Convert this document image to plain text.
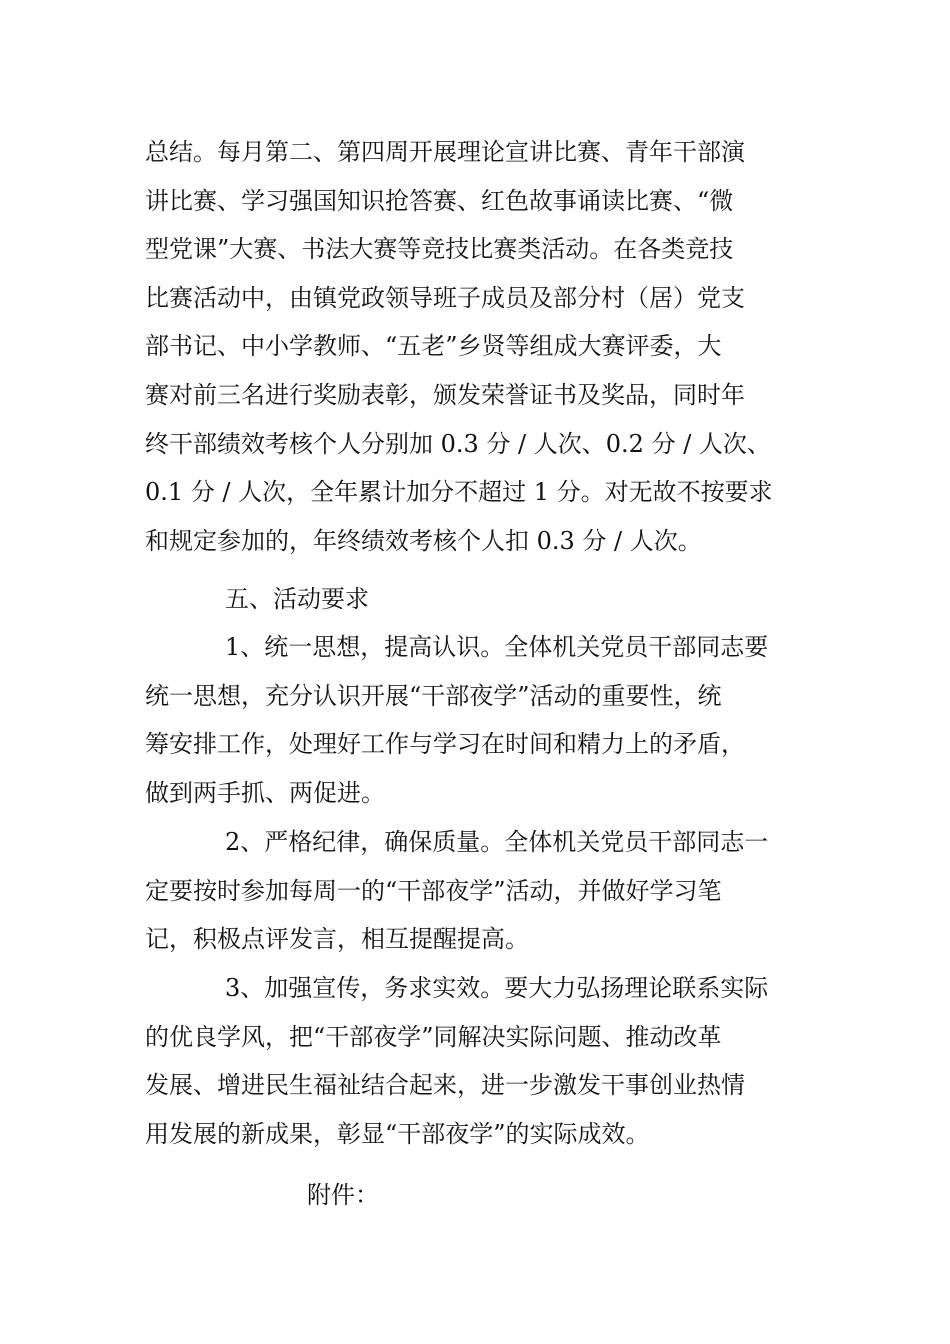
总结。每月第二、第四周开展理论宣讲比赛、青年干部演
讲比赛、学习强国知识抢答赛、红色故事诵读比赛、“微
型党课”大赛、书法大赛等竞技比赛类活动。在各类竞技
比赛活动中，由镇党政领导班子成员及部分村（居）党支
部书记、中小学教师、“五老”乡贤等组成大赛评委，大
赛对前三名进行奖励表彰，颁发荣誉证书及奖品，同时年
终干部绩效考核个人分别加 0.3 分 / 人次、0.2 分 / 人次、
0.1 分 / 人次，全年累计加分不超过 1 分。对无故不按要求
和规定参加的，年终绩效考核个人扣 0.3 分 / 人次。
五、活动要求
1、统一思想，提高认识。全体机关党员干部同志要
统一思想，充分认识开展“干部夜学”活动的重要性，统
筹安排工作，处理好工作与学习在时间和精力上的矛盾，
做到两手抓、两促进。
2、严格纪律，确保质量。全体机关党员干部同志一
定要按时参加每周一的“干部夜学”活动，并做好学习笔
记，积极点评发言，相互提醒提高。
3、加强宣传，务求实效。要大力弘扬理论联系实际
的优良学风，把“干部夜学”同解决实际问题、推动改革
发展、增进民生福祉结合起来，进一步激发干事创业热情
用发展的新成果，彰显“干部夜学”的实际成效。
附件：
